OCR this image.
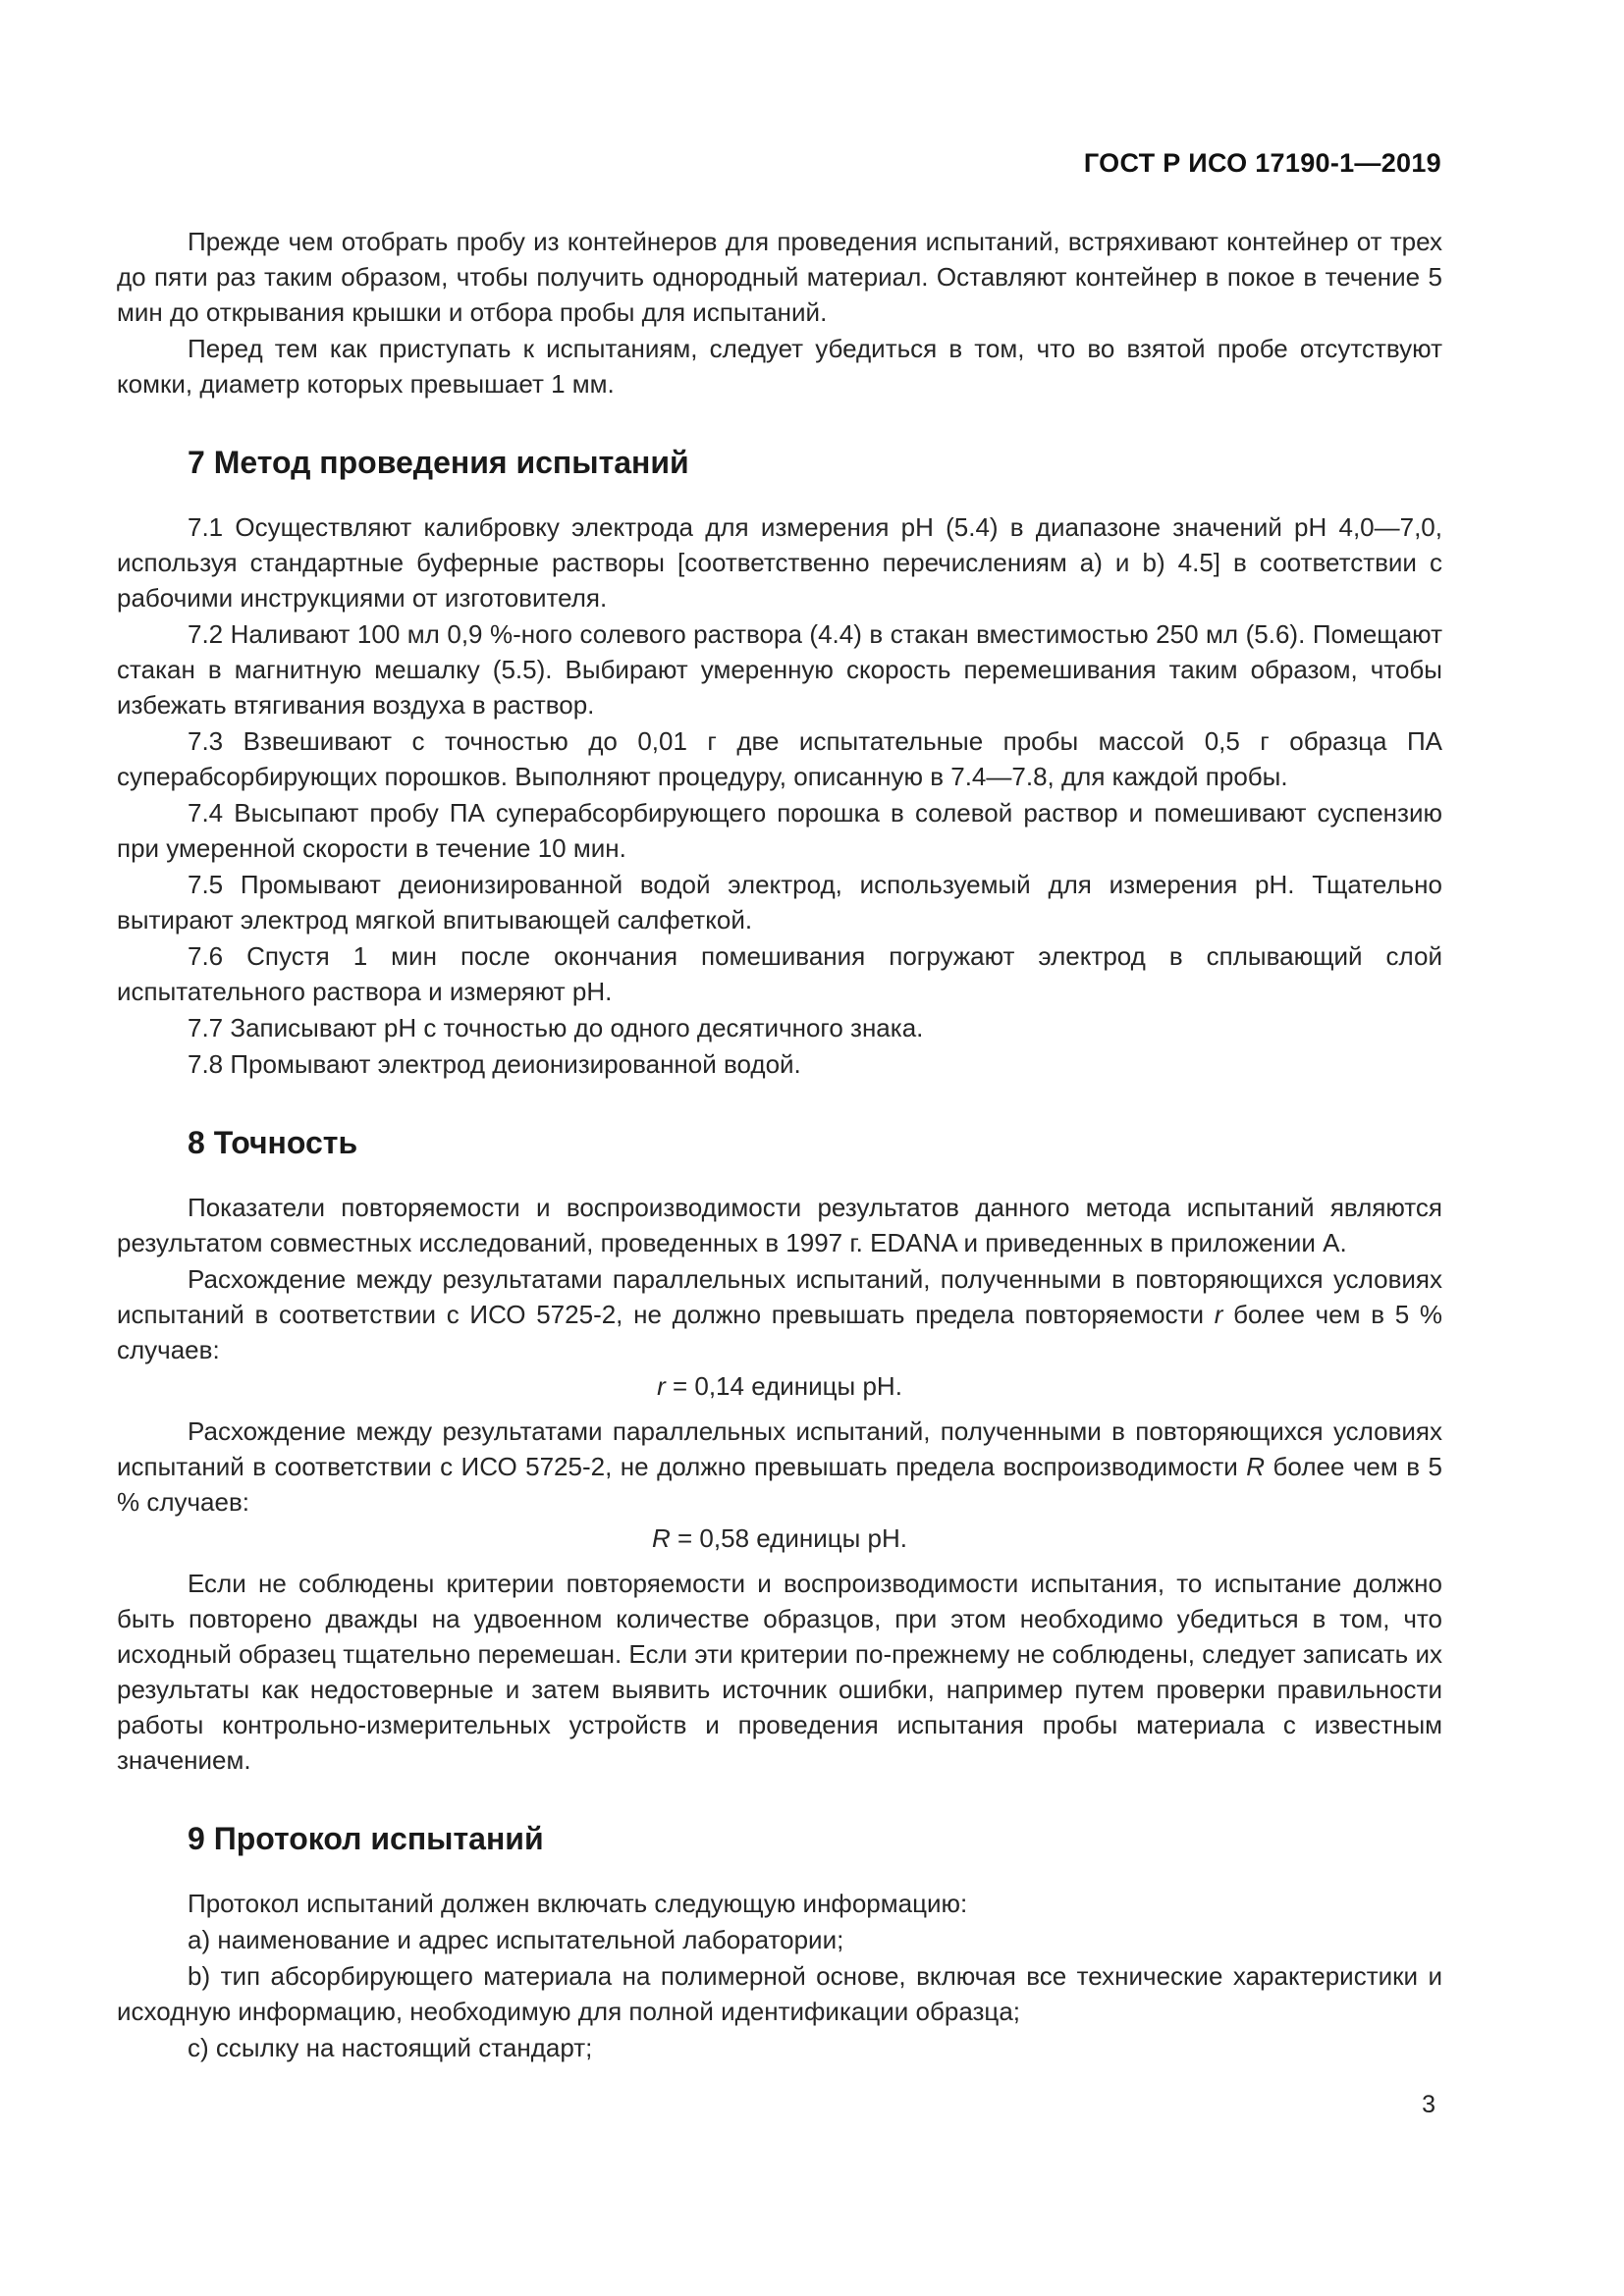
ГОСТ Р ИСО 17190-1—2019

Прежде чем отобрать пробу из контейнеров для проведения испытаний, встряхивают контейнер от трех до пяти раз таким образом, чтобы получить однородный материал. Оставляют контейнер в покое в течение 5 мин до открывания крышки и отбора пробы для испытаний.

Перед тем как приступать к испытаниям, следует убедиться в том, что во взятой пробе отсутствуют комки, диаметр которых превышает 1 мм.

7 Метод проведения испытаний

7.1 Осуществляют калибровку электрода для измерения pH (5.4) в диапазоне значений pH 4,0—7,0, используя стандартные буферные растворы [соответственно перечислениям а) и b) 4.5] в соответствии с рабочими инструкциями от изготовителя.

7.2 Наливают 100 мл 0,9 %-ного солевого раствора (4.4) в стакан вместимостью 250 мл (5.6). Помещают стакан в магнитную мешалку (5.5). Выбирают умеренную скорость перемешивания таким образом, чтобы избежать втягивания воздуха в раствор.

7.3 Взвешивают с точностью до 0,01 г две испытательные пробы массой 0,5 г образца ПА суперабсорбирующих порошков. Выполняют процедуру, описанную в 7.4—7.8, для каждой пробы.

7.4 Высыпают пробу ПА суперабсорбирующего порошка в солевой раствор и помешивают суспензию при умеренной скорости в течение 10 мин.

7.5 Промывают деионизированной водой электрод, используемый для измерения pH. Тщательно вытирают электрод мягкой впитывающей салфеткой.

7.6 Спустя 1 мин после окончания помешивания погружают электрод в сплывающий слой испытательного раствора и измеряют pH.

7.7 Записывают pH с точностью до одного десятичного знака.

7.8 Промывают электрод деионизированной водой.

8 Точность

Показатели повторяемости и воспроизводимости результатов данного метода испытаний являются результатом совместных исследований, проведенных в 1997 г. EDANA и приведенных в приложении А.

Расхождение между результатами параллельных испытаний, полученными в повторяющихся условиях испытаний в соответствии с ИСО 5725-2, не должно превышать предела повторяемости r более чем в 5 % случаев:

r = 0,14 единицы pH.

Расхождение между результатами параллельных испытаний, полученными в повторяющихся условиях испытаний в соответствии с ИСО 5725-2, не должно превышать предела воспроизводимости R более чем в 5 % случаев:

R = 0,58 единицы pH.

Если не соблюдены критерии повторяемости и воспроизводимости испытания, то испытание должно быть повторено дважды на удвоенном количестве образцов, при этом необходимо убедиться в том, что исходный образец тщательно перемешан. Если эти критерии по-прежнему не соблюдены, следует записать их результаты как недостоверные и затем выявить источник ошибки, например путем проверки правильности работы контрольно-измерительных устройств и проведения испытания пробы материала с известным значением.

9 Протокол испытаний

Протокол испытаний должен включать следующую информацию:

а) наименование и адрес испытательной лаборатории;

b) тип абсорбирующего материала на полимерной основе, включая все технические характеристики и исходную информацию, необходимую для полной идентификации образца;

с) ссылку на настоящий стандарт;

3
